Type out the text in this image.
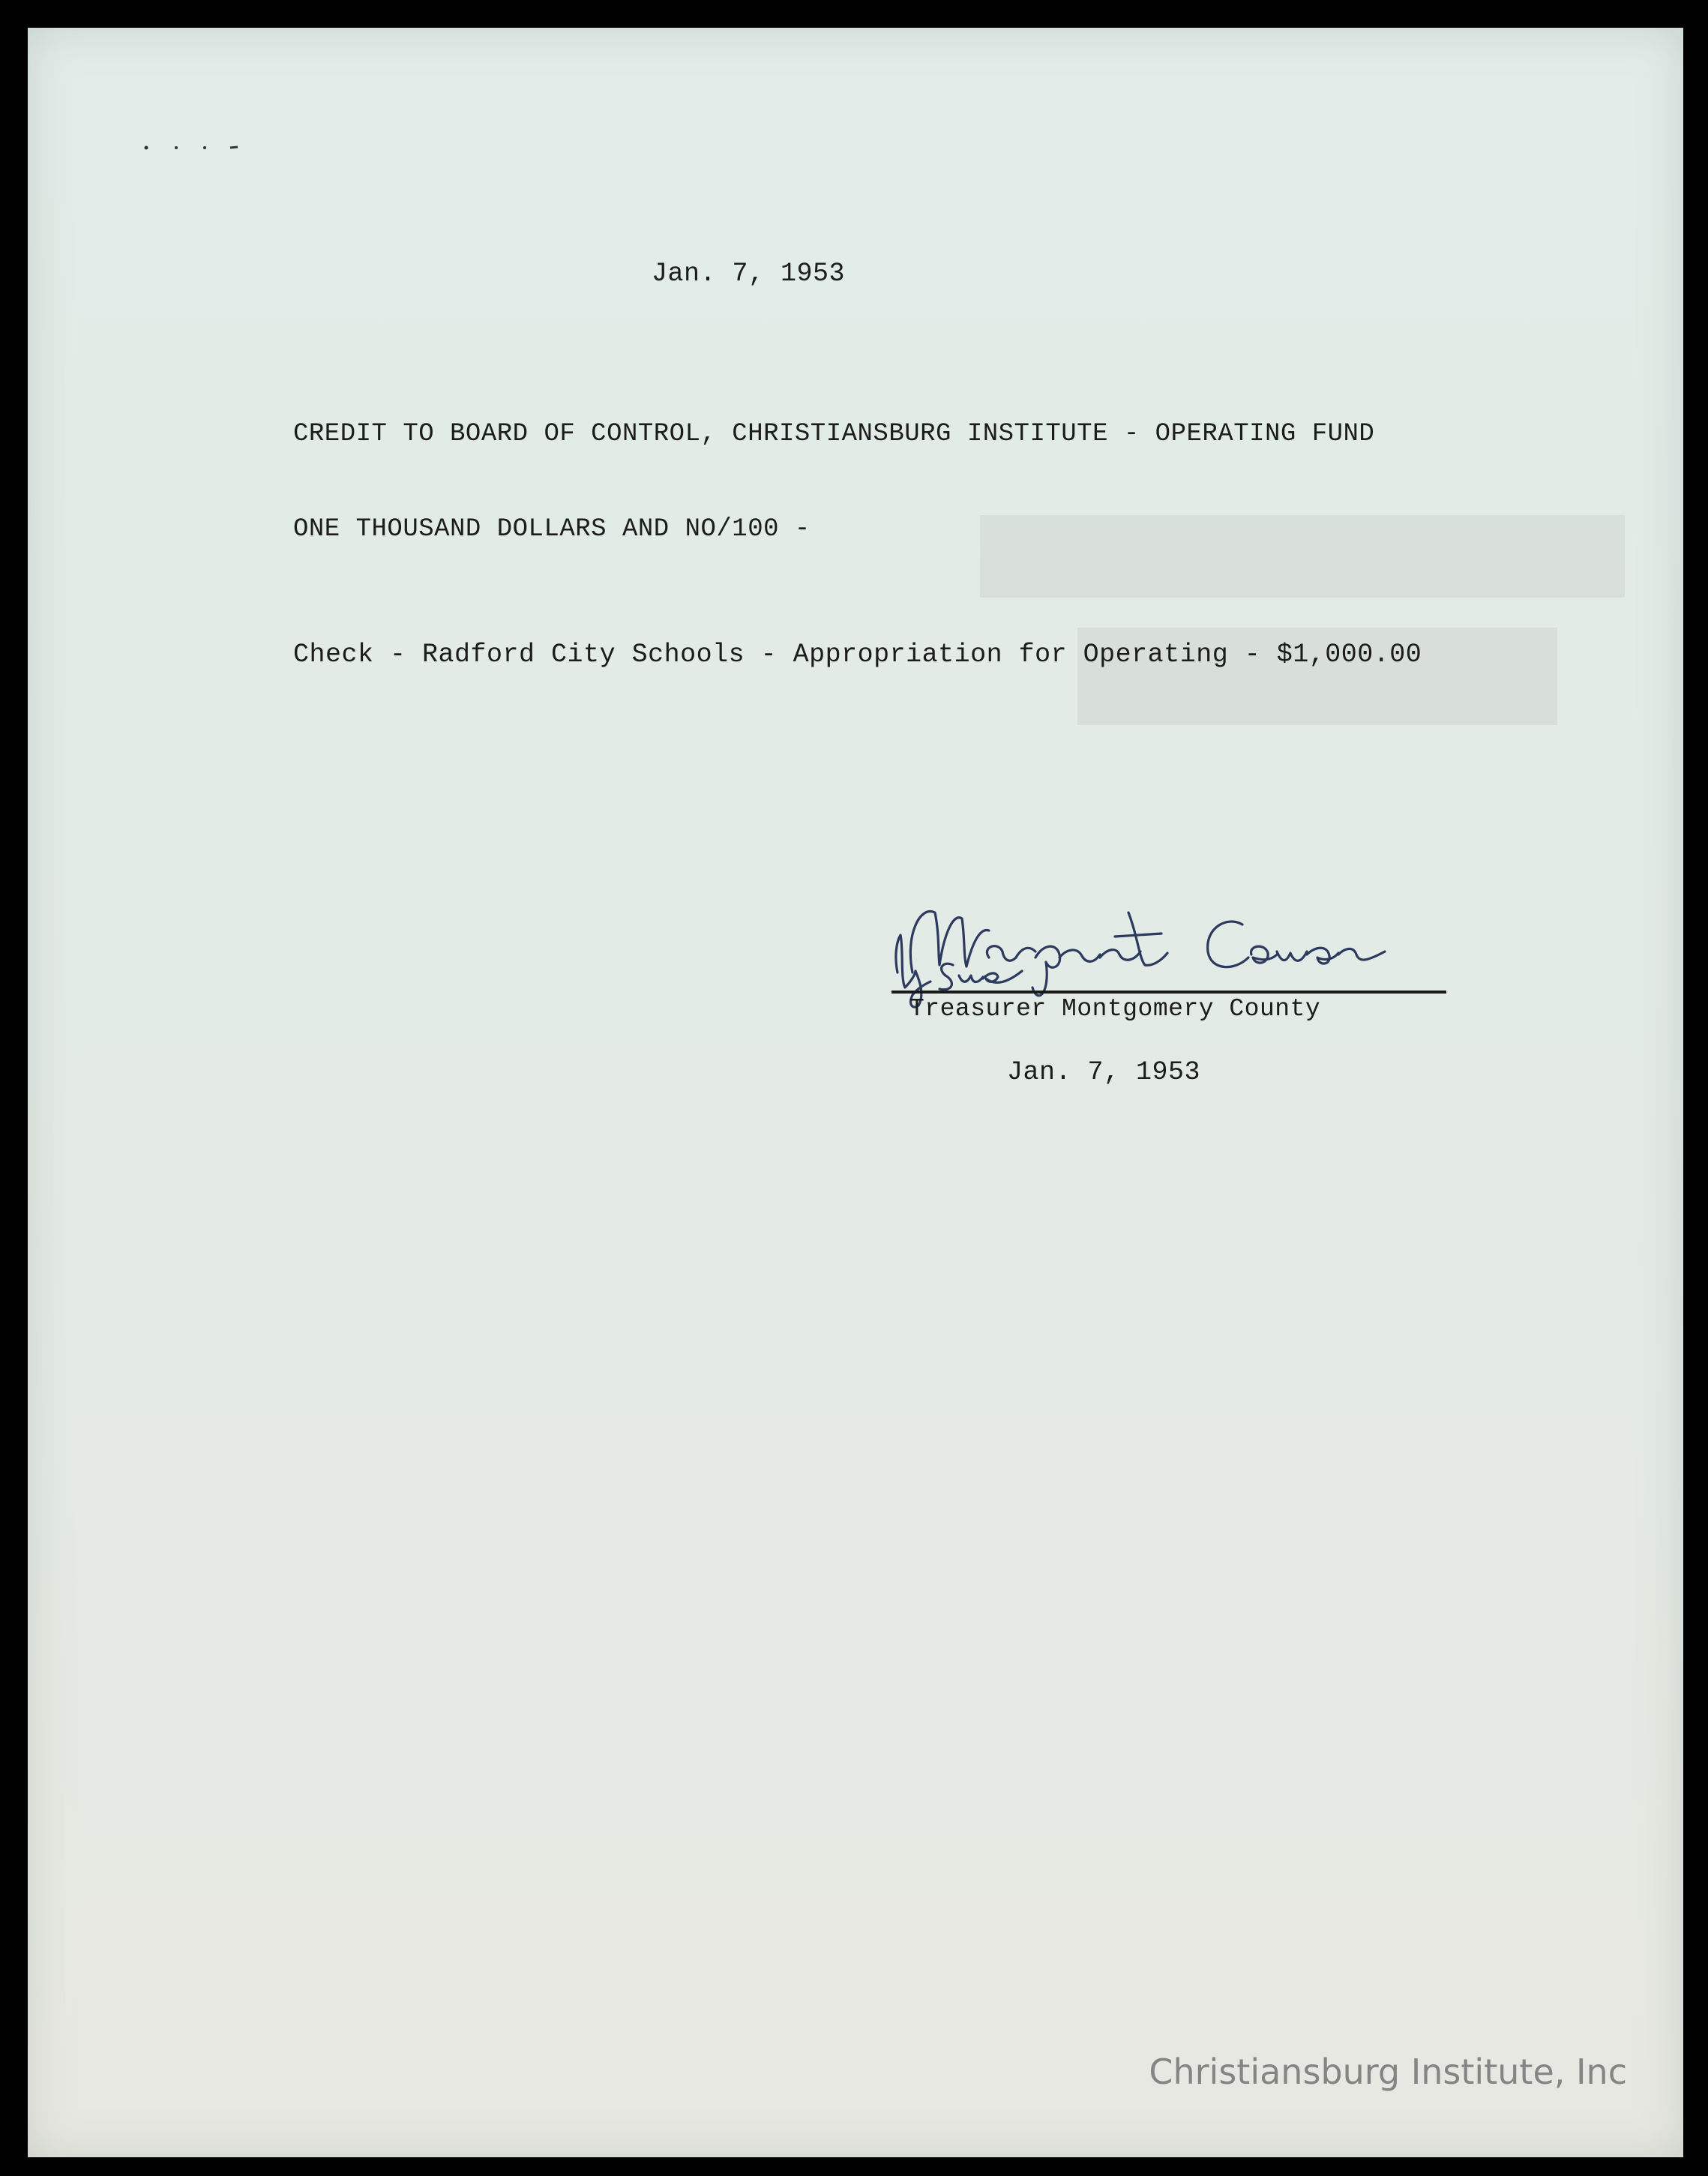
Jan. 7, 1953

CREDIT TO BOARD OF CONTROL, CHRISTIANSBURG INSTITUTE - OPERATING FUND

ONE THOUSAND DOLLARS AND NO/100 -

Check - Radford City Schools - Appropriation for Operating - $1,000.00

Treasurer Montgomery County

Jan. 7, 1953

Christiansburg Institute, Inc
